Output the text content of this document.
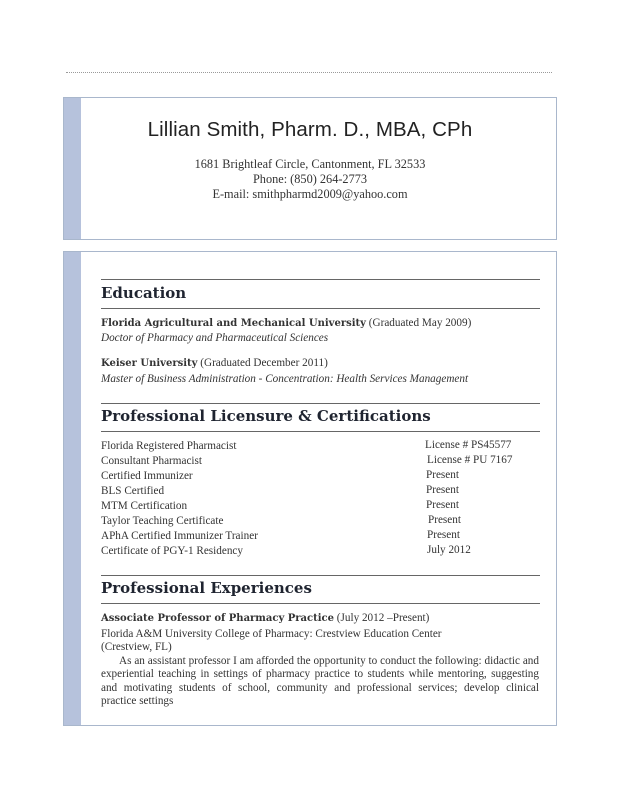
Lillian Smith, Pharm. D., MBA, CPh
1681 Brightleaf Circle, Cantonment, FL 32533
Phone: (850) 264-2773
E-mail: smithpharmd2009@yahoo.com
Education
Florida Agricultural and Mechanical University (Graduated May 2009)
Doctor of Pharmacy and Pharmaceutical Sciences
Keiser University (Graduated December 2011)
Master of Business Administration - Concentration: Health Services Management
Professional Licensure & Certifications
Florida Registered Pharmacist	License # PS45577
Consultant Pharmacist	License # PU 7167
Certified Immunizer	Present
BLS Certified	Present
MTM Certification	Present
Taylor Teaching Certificate	Present
APhA Certified Immunizer Trainer	Present
Certificate of PGY-1 Residency	July 2012
Professional Experiences
Associate Professor of Pharmacy Practice (July 2012 –Present)
Florida A&M University College of Pharmacy: Crestview Education Center
(Crestview, FL)
As an assistant professor I am afforded the opportunity to conduct the following: didactic and experiential teaching in settings of pharmacy practice to students while mentoring, suggesting and motivating students of school, community and professional services; develop clinical practice settings
